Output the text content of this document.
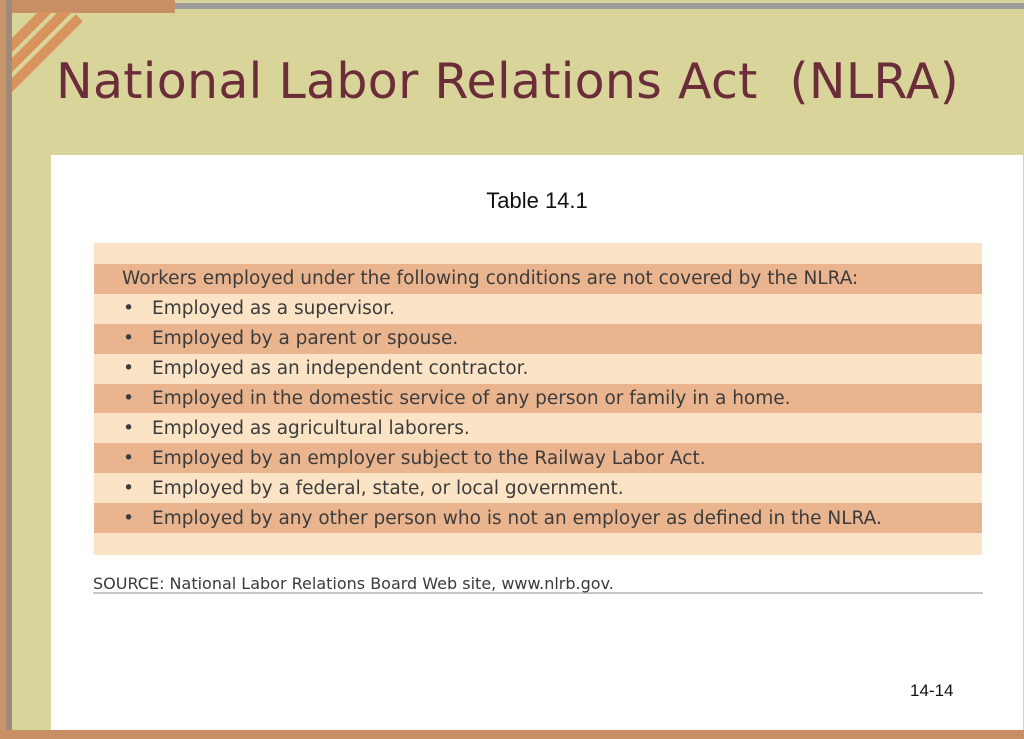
National Labor Relations Act  (NLRA)
Table 14.1
Workers employed under the following conditions are not covered by the NLRA:
• Employed as a supervisor.
• Employed by a parent or spouse.
• Employed as an independent contractor.
• Employed in the domestic service of any person or family in a home.
• Employed as agricultural laborers.
• Employed by an employer subject to the Railway Labor Act.
• Employed by a federal, state, or local government.
• Employed by any other person who is not an employer as defined in the NLRA.
SOURCE: National Labor Relations Board Web site, www.nlrb.gov.
14-14
